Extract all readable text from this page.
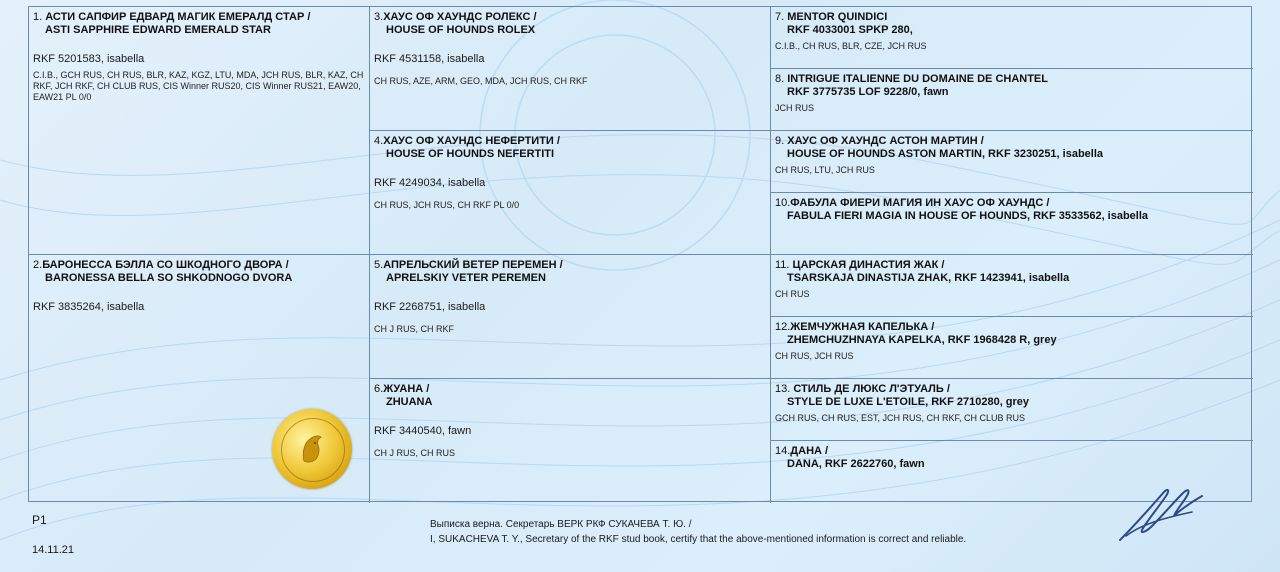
1. АСТИ САПФИР ЕДВАРД МАГИК ЕМЕРАЛД СТАР /
ASTI SAPPHIRE EDWARD EMERALD STAR
RKF 5201583, isabella
C.I.B., GCH RUS, CH RUS, BLR, KAZ, KGZ, LTU, MDA, JCH RUS, BLR, KAZ, CH RKF, JCH RKF, CH CLUB RUS, CIS Winner RUS20, CIS Winner RUS21, EAW20, EAW21 PL 0/0
2.БАРОНЕССА БЭЛЛА СО ШКОДНОГО ДВОРА /
BARONESSA BELLA SO SHKODNOGO DVORA
RKF 3835264, isabella
3.ХАУС ОФ ХАУНДС РОЛЕКС /
HOUSE OF HOUNDS ROLEX
RKF 4531158, isabella
CH RUS, AZE, ARM, GEO, MDA, JCH RUS, CH RKF
4.ХАУС ОФ ХАУНДС НЕФЕРТИТИ /
HOUSE OF HOUNDS NEFERTITI
RKF 4249034, isabella
CH RUS, JCH RUS, CH RKF PL 0/0
5.АПРЕЛЬСКИЙ ВЕТЕР ПЕРЕМЕН /
APRELSKIY VETER PEREMEN
RKF 2268751, isabella
CH J RUS, CH RKF
6.ЖУАНА /
ZHUANA
RKF 3440540, fawn
CH J RUS, CH RUS
7. MENTOR QUINDICI
RKF 4033001 SPKP 280,
C.I.B., CH RUS, BLR, CZE, JCH RUS
8. INTRIGUE ITALIENNE DU DOMAINE DE CHANTEL
RKF 3775735 LOF 9228/0, fawn
JCH RUS
9. ХАУС ОФ ХАУНДС АСТОН МАРТИН /
HOUSE OF HOUNDS ASTON MARTIN, RKF 3230251, isabella
CH RUS, LTU, JCH RUS
10.ФАБУЛА ФИЕРИ МАГИЯ ИН ХАУС ОФ ХАУНДС /
FABULA FIERI MAGIA IN HOUSE OF HOUNDS, RKF 3533562, isabella
11. ЦАРСКАЯ ДИНАСТИЯ ЖАК /
TSARSKAJA DINASTIJA ZHAK, RKF 1423941, isabella
CH RUS
12.ЖЕМЧУЖНАЯ КАПЕЛЬКА /
ZHEMCHUZHNAYA KAPELKA, RKF 1968428 R, grey
CH RUS, JCH RUS
13. СТИЛЬ ДЕ ЛЮКС Л'ЭТУАЛЬ /
STYLE DE LUXE L'ETOILE, RKF 2710280, grey
GCH RUS, CH RUS, EST, JCH RUS, CH RKF, CH CLUB RUS
14.ДАНА /
DANA, RKF 2622760, fawn
P1
14.11.21
Выписка верна. Секретарь ВЕРК РКФ СУКАЧЕВА Т. Ю. /
I, SUKACHEVA T. Y., Secretary of the RKF stud book, certify that the above-mentioned information is correct and reliable.
